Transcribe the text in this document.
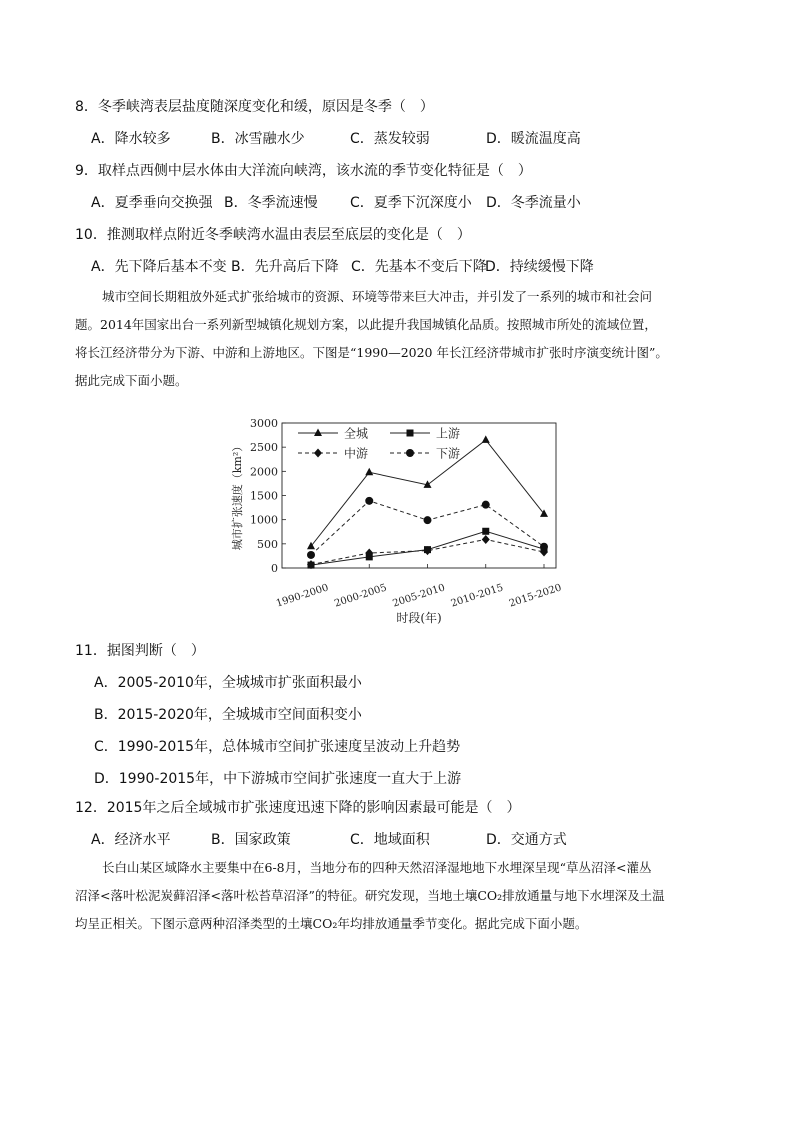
8．冬季峡湾表层盐度随深度变化和缓，原因是冬季（　）
A．降水较多	B．冰雪融水少	C．蒸发较弱	D．暖流温度高
9．取样点西侧中层水体由大洋流向峡湾，该水流的季节变化特征是（　）
A．夏季垂向交换强 B．冬季流速慢 C．夏季下沉深度小 D．冬季流量小
10．推测取样点附近冬季峡湾水温由表层至底层的变化是（　）
A．先下降后基本不变 B．先升高后下降 C．先基本不变后下降
D．持续缓慢下降
城市空间长期粗放外延式扩张给城市的资源、环境等带来巨大冲击，并引发了一系列的城市和社会问
题。2014年国家出台一系列新型城镇化规划方案，以此提升我国城镇化品质。按照城市所处的流域位置，
将长江经济带分为下游、中游和上游地区。下图是“1990—2020 年长江经济带城市扩张时序演变统计图”。
据此完成下面小题。
0
500
1000
1500
2000
2500
3000
1990-2000 2000-2005 2005-2010 2010-2015 2015-2020
全城	上游
中游	下游
城市扩张速度（km²）
时段(年)
11．据图判断（　）
A．2005-2010年，全城城市扩张面积最小
B．2015-2020年，全城城市空间面积变小
C．1990-2015年，总体城市空间扩张速度呈波动上升趋势
D．1990-2015年，中下游城市空间扩张速度一直大于上游
12．2015年之后全域城市扩张速度迅速下降的影响因素最可能是（　）
A．经济水平	B．国家政策	C．地域面积	D．交通方式
长白山某区域降水主要集中在6-8月，当地分布的四种天然沼泽湿地地下水埋深呈现“草丛沼泽<灌丛
沼泽<落叶松泥炭藓沼泽<落叶松苔草沼泽”的特征。研究发现，当地土壤CO₂排放通量与地下水埋深及土温
均呈正相关。下图示意两种沼泽类型的土壤CO₂年均排放通量季节变化。据此完成下面小题。
